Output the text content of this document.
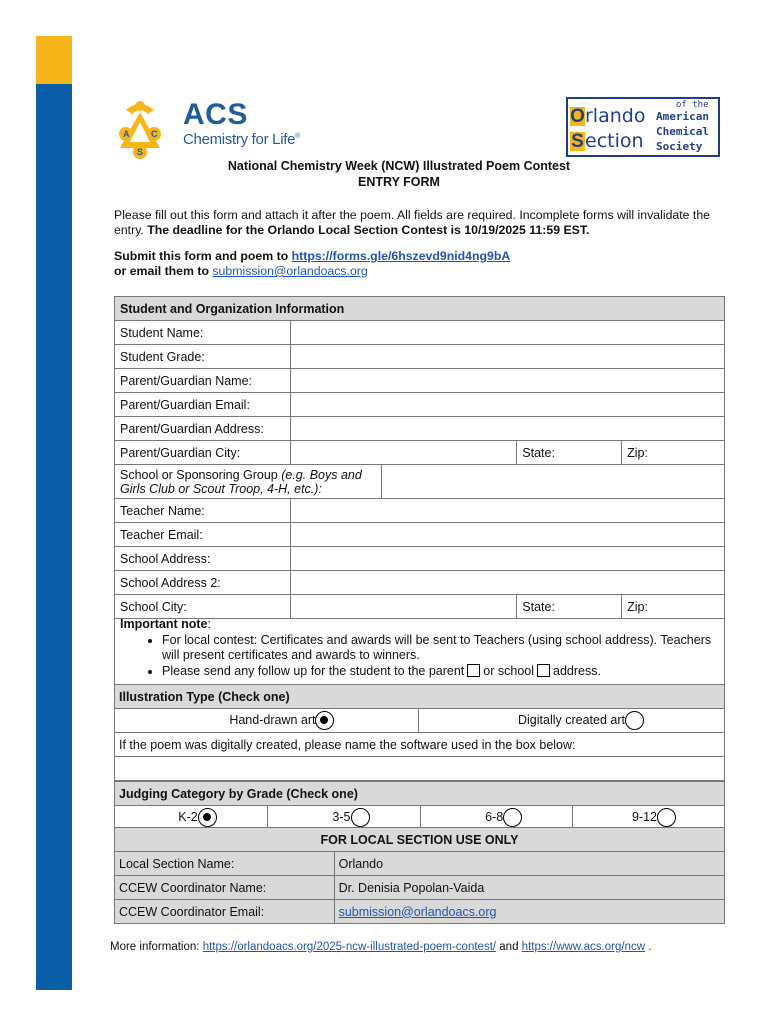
A C
S
ACS
Chemistry for Life®
O rlando
S ection
of the
American
Chemical
Society
National Chemistry Week (NCW) Illustrated Poem Contest
ENTRY FORM
Please fill out this form and attach it after the poem. All fields are required. Incomplete forms will invalidate the entry. The deadline for the Orlando Local Section Contest is 10/19/2025 11:59 EST.
Submit this form and poem to https://forms.gle/6hszevd9nid4ng9bA
or email them to submission@orlandoacs.org
Student and Organization Information				
Student Name:				
Student Grade:				
Parent/Guardian Name:				
Parent/Guardian Email:				
Parent/Guardian Address:				
Parent/Guardian City:			State:	Zip:
School or Sponsoring Group (e.g. Boys and Girls Club or Scout Troop, 4-H, etc.):				
Teacher Name:				
Teacher Email:				
School Address:				
School Address 2:				
School City:			State:	Zip:
Important note:
• For local contest: Certificates and awards will be sent to Teachers (using school address). Teachers will present certificates and awards to winners.
• Please send any follow up for the student to the parent or school address.
Illustration Type (Check one)
Hand-drawn art	Digitally created art
If the poem was digitally created, please name the software used in the box below:

Judging Category by Grade (Check one)
K-2	3-5	6-8	9-12
FOR LOCAL SECTION USE ONLY	
Local Section Name:	Orlando
CCEW Coordinator Name:	Dr. Denisia Popolan-Vaida
CCEW Coordinator Email:	submission@orlandoacs.org
More information: https://orlandoacs.org/2025-ncw-illustrated-poem-contest/ and https://www.acs.org/ncw .
